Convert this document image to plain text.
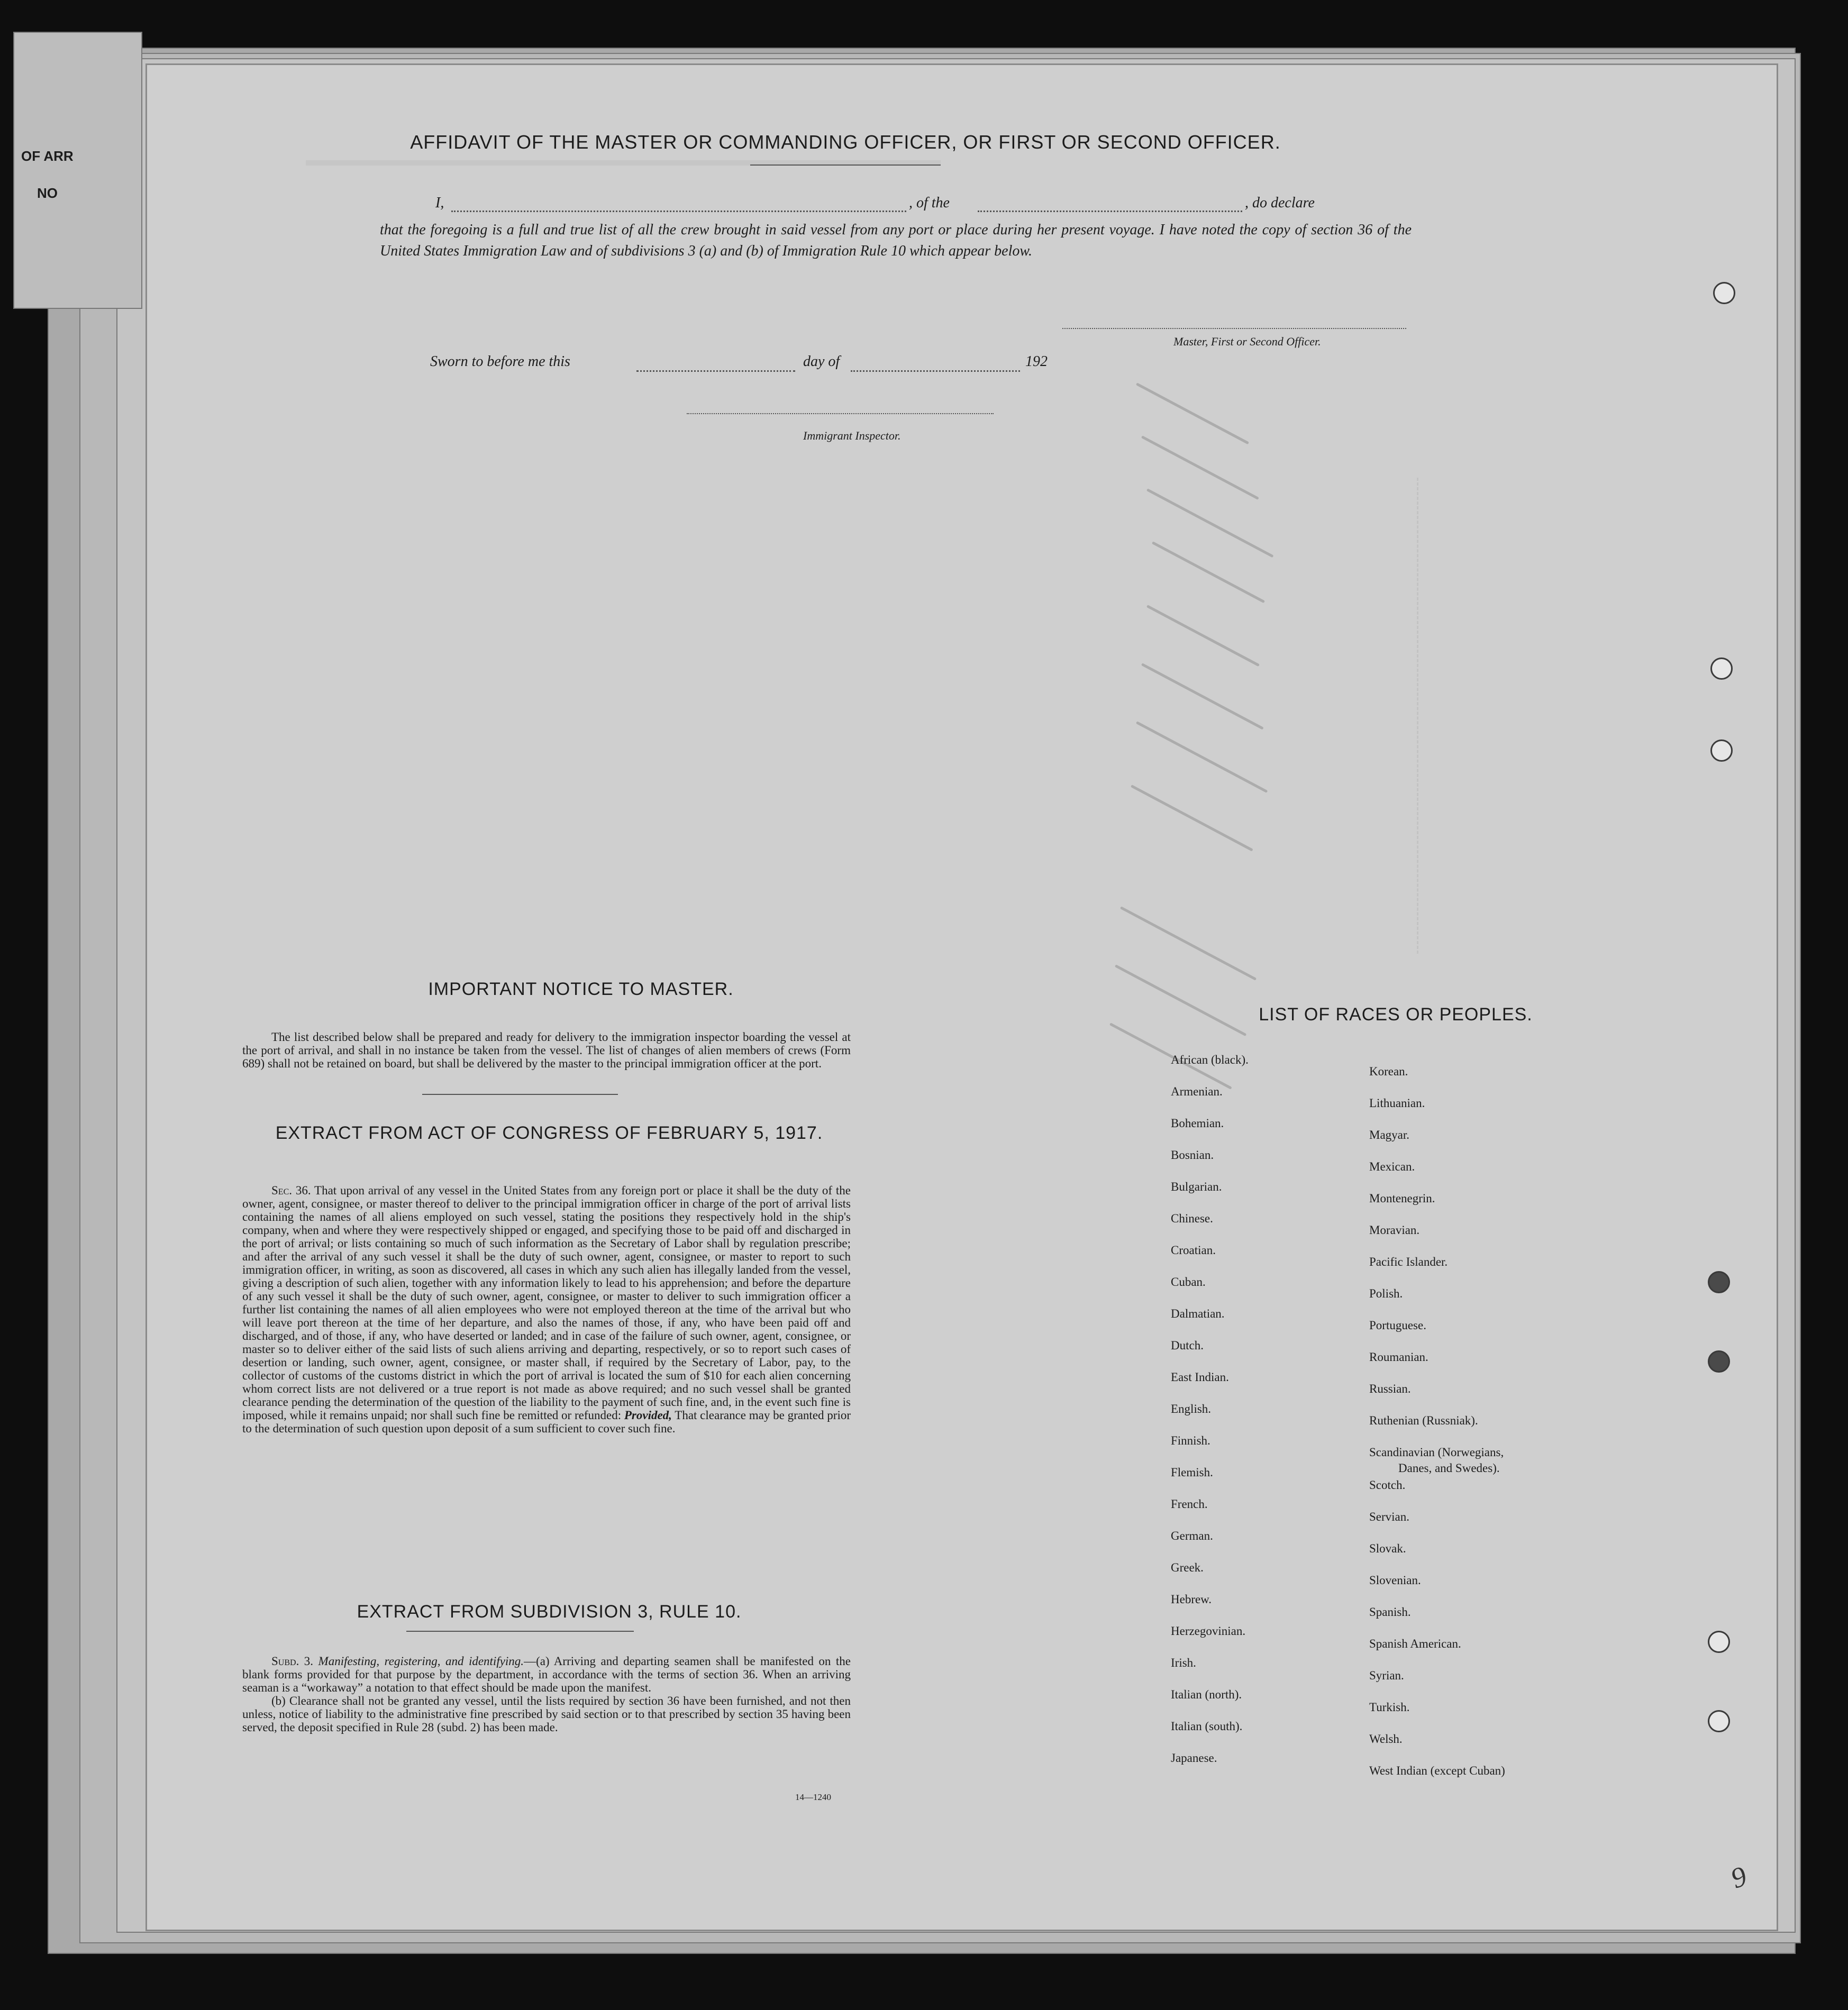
OF ARR
NO
AFFIDAVIT OF THE MASTER OR COMMANDING OFFICER, OR FIRST OR SECOND OFFICER.
I,	, of the	, do declare
that the foregoing is a full and true list of all the crew brought in said vessel from any port or place during her present voyage. I have noted the copy of section 36 of the United States Immigration Law and of subdivisions 3 (a) and (b) of Immigration Rule 10 which appear below.
Master, First or Second Officer.
Sworn to before me this	day of	192
Immigrant Inspector.
IMPORTANT NOTICE TO MASTER.
The list described below shall be prepared and ready for delivery to the immigration inspector boarding the vessel at the port of arrival, and shall in no instance be taken from the vessel. The list of changes of alien members of crews (Form 689) shall not be retained on board, but shall be delivered by the master to the principal immigration officer at the port.
EXTRACT FROM ACT OF CONGRESS OF FEBRUARY 5, 1917.
Sec. 36. That upon arrival of any vessel in the United States from any foreign port or place it shall be the duty of the owner, agent, consignee, or master thereof to deliver to the principal immigration officer in charge of the port of arrival lists containing the names of all aliens employed on such vessel, stating the positions they respectively hold in the ship's company, when and where they were respectively shipped or engaged, and specifying those to be paid off and discharged in the port of arrival; or lists containing so much of such information as the Secretary of Labor shall by regulation prescribe; and after the arrival of any such vessel it shall be the duty of such owner, agent, consignee, or master to report to such immigration officer, in writing, as soon as discovered, all cases in which any such alien has illegally landed from the vessel, giving a description of such alien, together with any information likely to lead to his apprehension; and before the departure of any such vessel it shall be the duty of such owner, agent, consignee, or master to deliver to such immigration officer a further list containing the names of all alien employees who were not employed thereon at the time of the arrival but who will leave port thereon at the time of her departure, and also the names of those, if any, who have been paid off and discharged, and of those, if any, who have deserted or landed; and in case of the failure of such owner, agent, consignee, or master so to deliver either of the said lists of such aliens arriving and departing, respectively, or so to report such cases of desertion or landing, such owner, agent, consignee, or master shall, if required by the Secretary of Labor, pay, to the collector of customs of the customs district in which the port of arrival is located the sum of $10 for each alien concerning whom correct lists are not delivered or a true report is not made as above required; and no such vessel shall be granted clearance pending the determination of the question of the liability to the payment of such fine, and, in the event such fine is imposed, while it remains unpaid; nor shall such fine be remitted or refunded: Provided, That clearance may be granted prior to the determination of such question upon deposit of a sum sufficient to cover such fine.
EXTRACT FROM SUBDIVISION 3, RULE 10.
Subd. 3. Manifesting, registering, and identifying.—(a) Arriving and departing seamen shall be manifested on the blank forms provided for that purpose by the department, in accordance with the terms of section 36. When an arriving seaman is a “workaway” a notation to that effect should be made upon the manifest.
(b) Clearance shall not be granted any vessel, until the lists required by section 36 have been furnished, and not then unless, notice of liability to the administrative fine prescribed by said section or to that prescribed by section 35 having been served, the deposit specified in Rule 28 (subd. 2) has been made.
14—1240
LIST OF RACES OR PEOPLES.
African (black).
Armenian.
Bohemian.
Bosnian.
Bulgarian.
Chinese.
Croatian.
Cuban.
Dalmatian.
Dutch.
East Indian.
English.
Finnish.
Flemish.
French.
German.
Greek.
Hebrew.
Herzegovinian.
Irish.
Italian (north).
Italian (south).
Japanese.
Korean.
Lithuanian.
Magyar.
Mexican.
Montenegrin.
Moravian.
Pacific Islander.
Polish.
Portuguese.
Roumanian.
Russian.
Ruthenian (Russniak).
Scandinavian (Norwegians,
Danes, and Swedes).
Scotch.
Servian.
Slovak.
Slovenian.
Spanish.
Spanish American.
Syrian.
Turkish.
Welsh.
West Indian (except Cuban)
9
